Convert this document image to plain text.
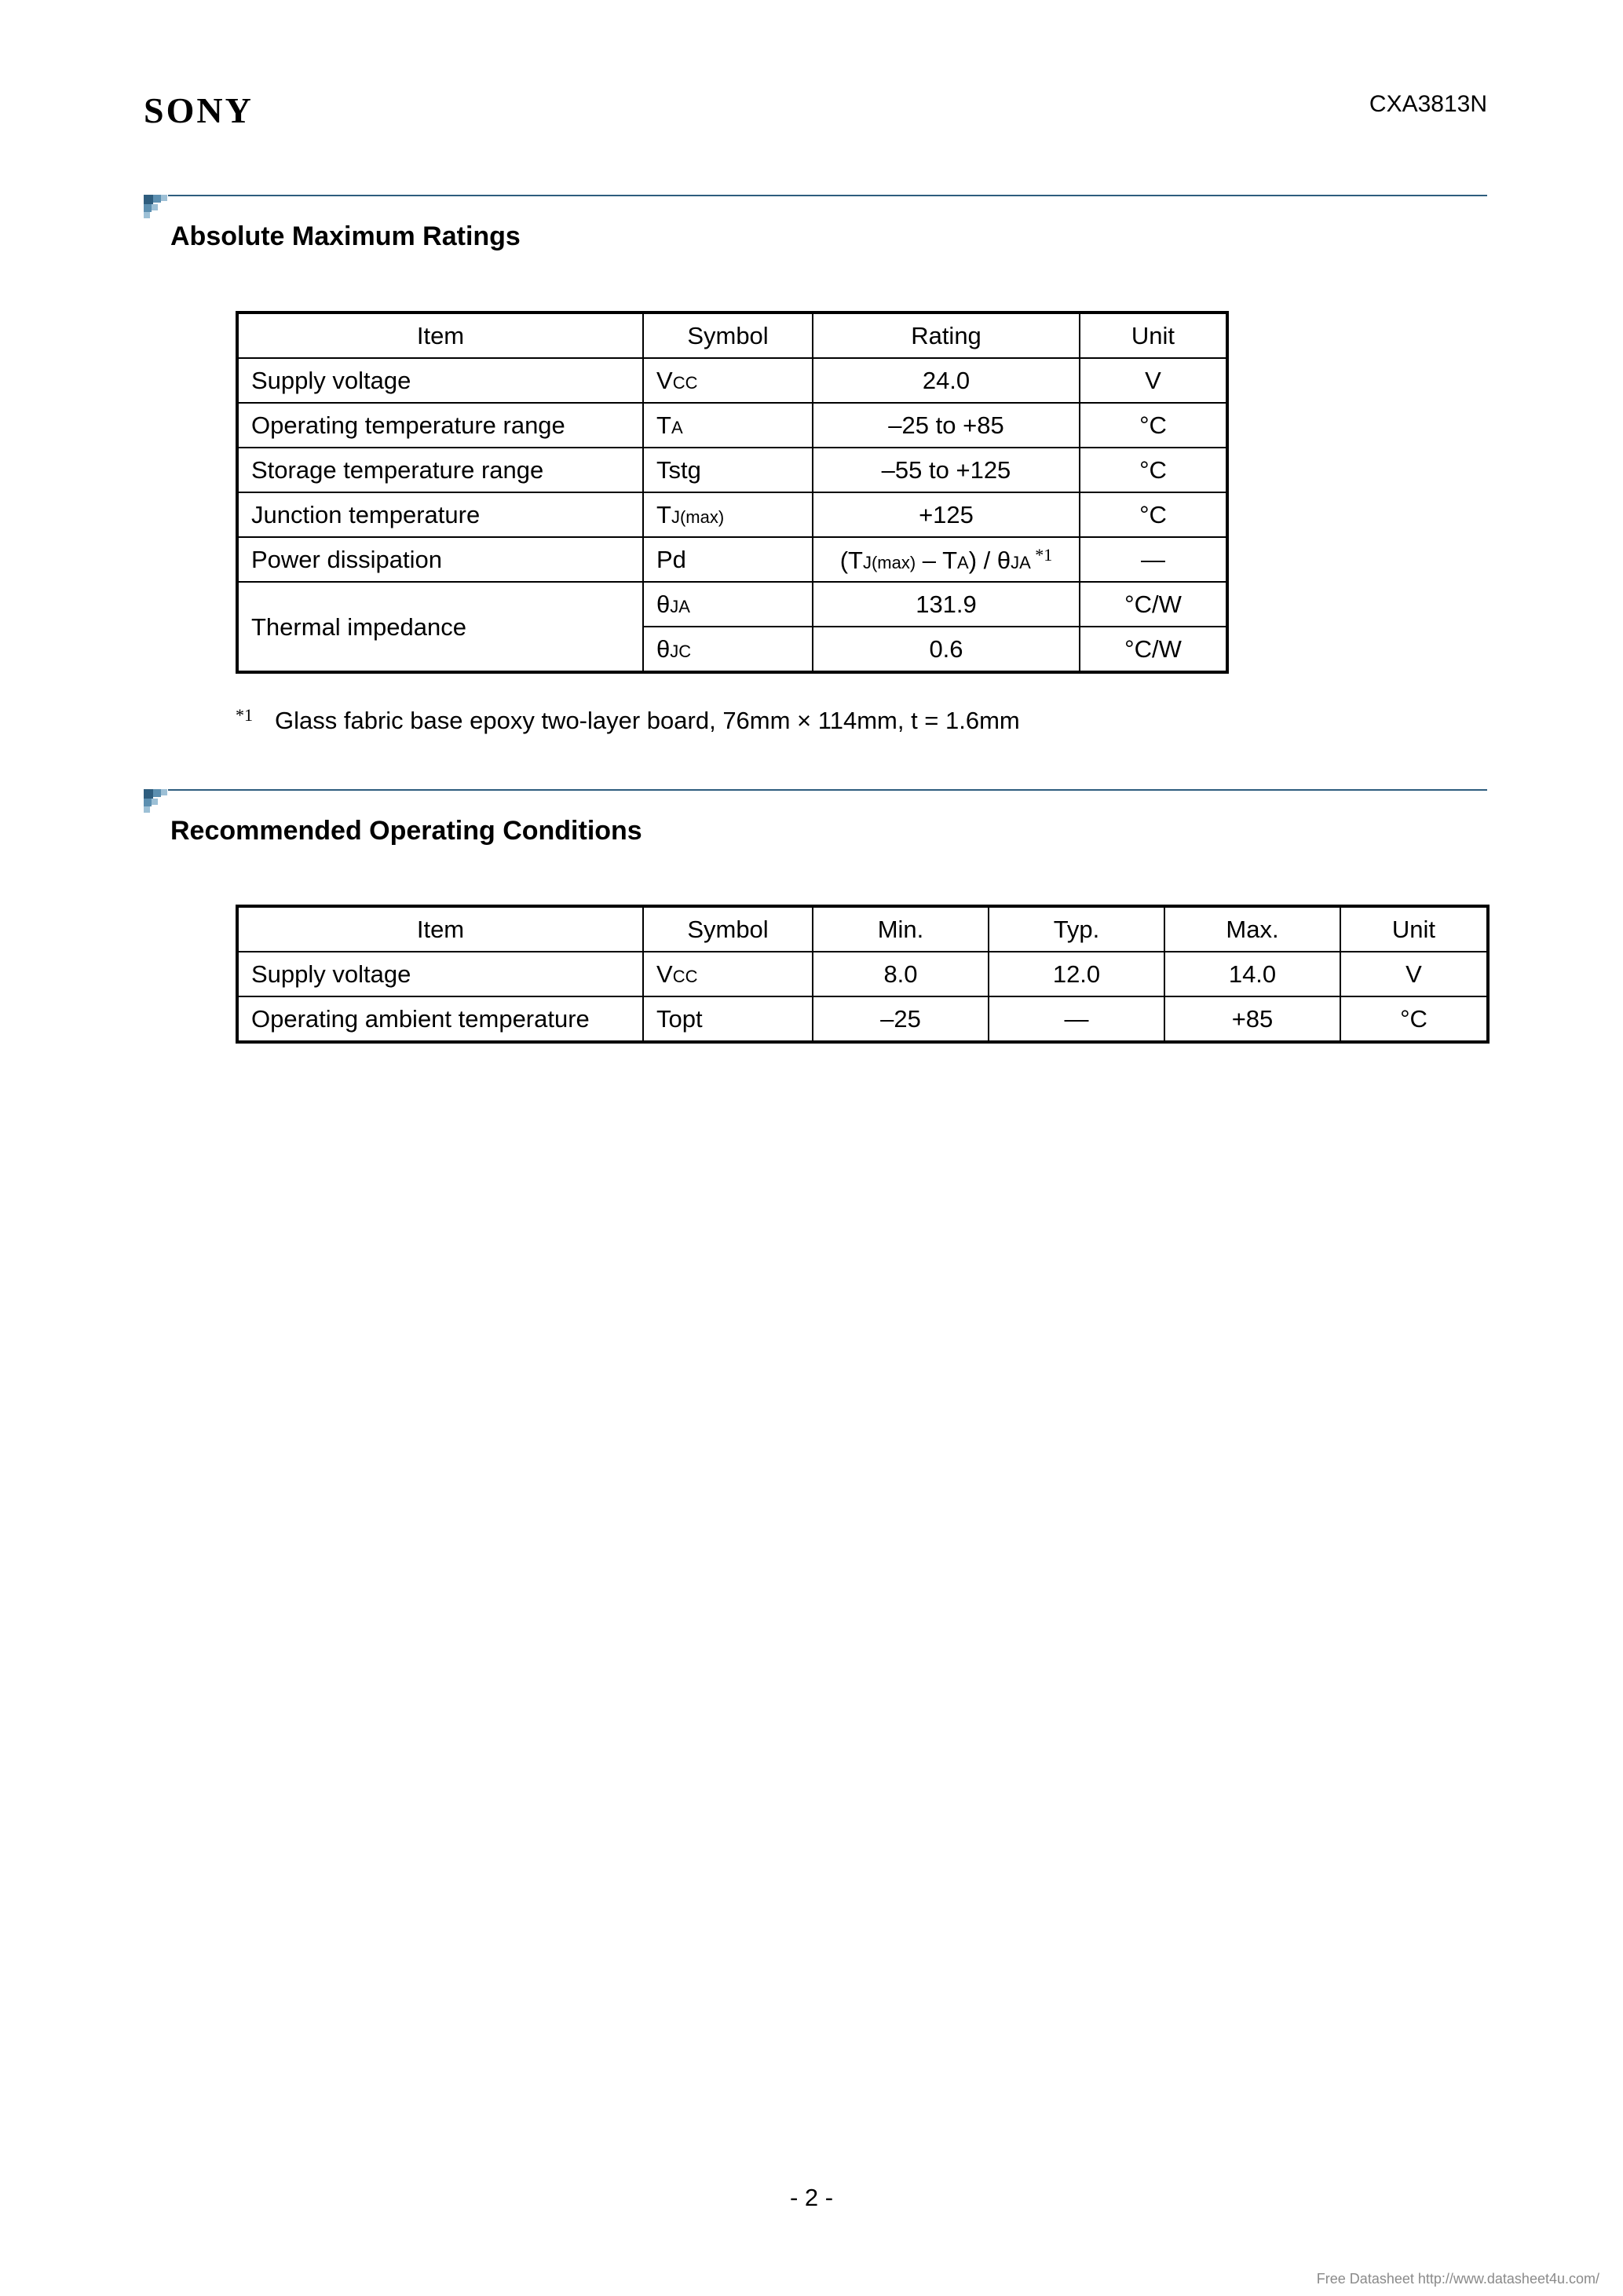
SONY	CXA3813N
Absolute Maximum Ratings
Item	Symbol	Rating	Unit
Supply voltage	VCC	24.0	V
Operating temperature range	TA	–25 to +85	°C
Storage temperature range	Tstg	–55 to +125	°C
Junction temperature	TJ(max)	+125	°C
Power dissipation	Pd	(TJ(max) – TA) / θJA $^{*1}$	—
Thermal impedance	θJA	131.9	°C/W
	θJC	0.6	°C/W
$^{*1}$ Glass fabric base epoxy two-layer board, 76mm × 114mm, t = 1.6mm
Recommended Operating Conditions
Item	Symbol	Min.	Typ.	Max.	Unit
Supply voltage	VCC	8.0	12.0	14.0	V
Operating ambient temperature	Topt	–25	—	+85	°C
- 2 -
Free Datasheet http://www.datasheet4u.com/
